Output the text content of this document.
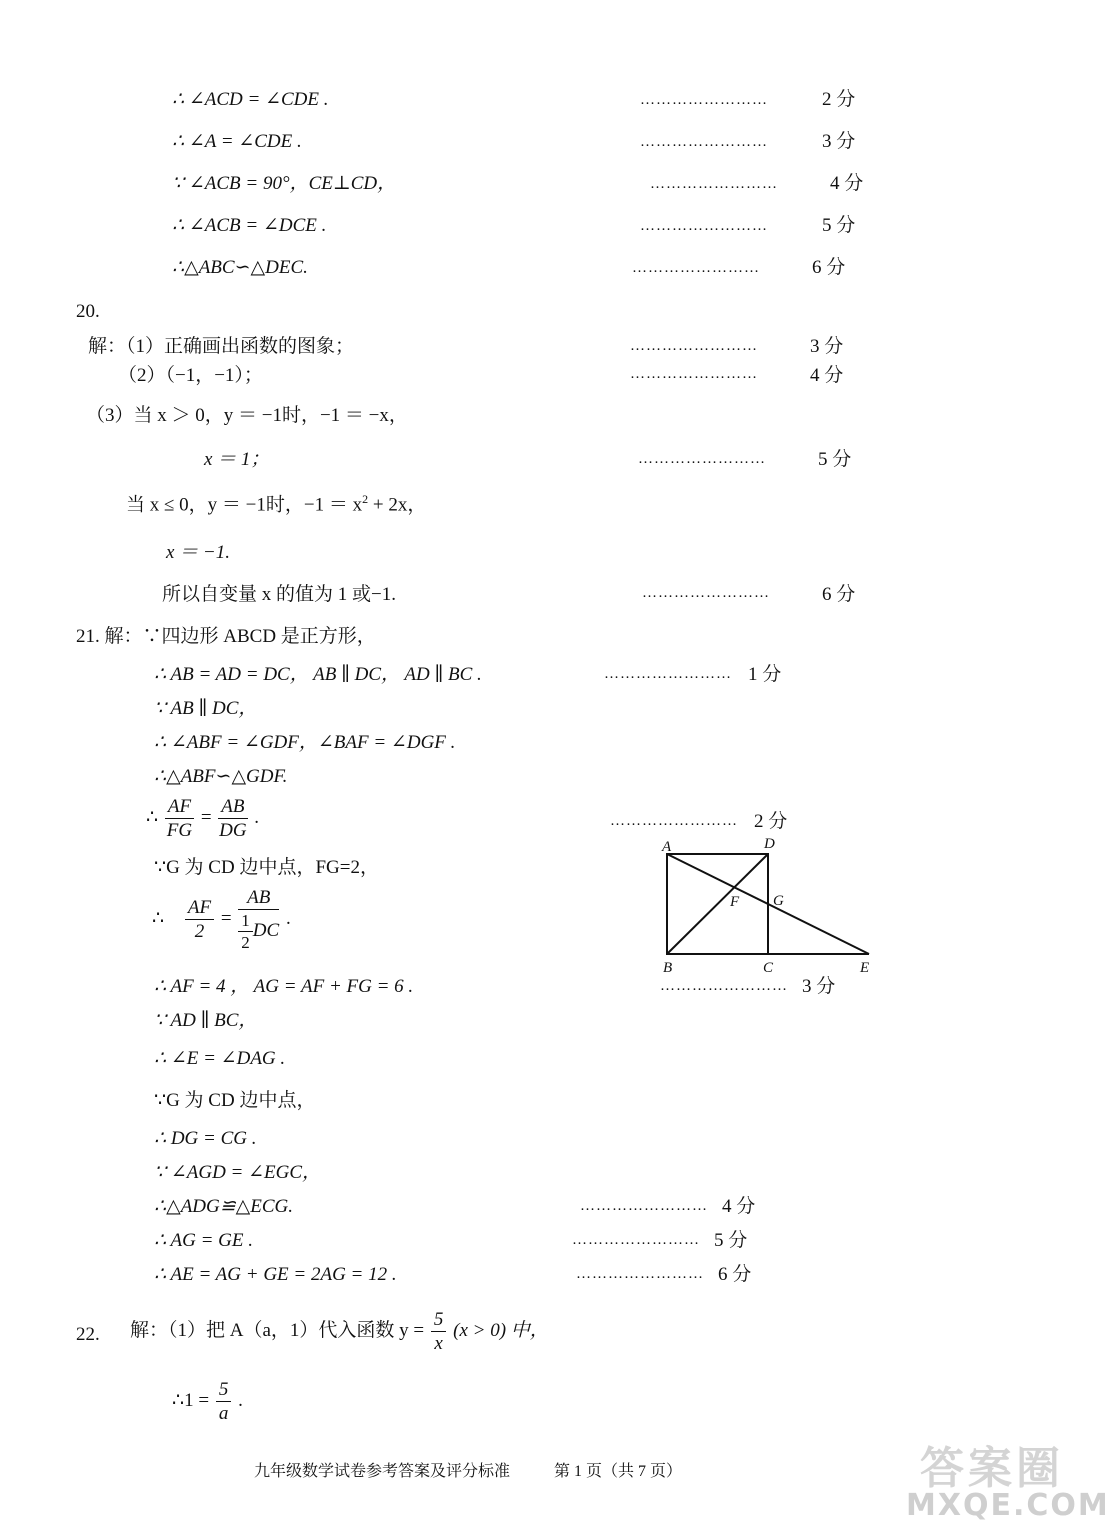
∴ ∠ACD = ∠CDE .	……………………	2 分
∴ ∠A = ∠CDE .	……………………	3 分
∵ ∠ACB = 90°，CE⊥CD，	……………………	4 分
∴ ∠ACB = ∠DCE .	……………………	5 分
∴△ABC∽△DEC.	……………………	6 分
20.
解：（1）正确画出函数的图象；	……………………	3 分
（2）（−1，−1）；	……………………	4 分
（3）当 x ＞ 0，y ＝ −1时，−1 ＝ −x，
x ＝ 1；	……………………	5 分
当 x ≤ 0，y ＝ −1时，$-1 = x^2 + 2x$，
x ＝ −1.
所以自变量 x 的值为 1 或−1.	……………………	6 分
21. 解：∵四边形 ABCD 是正方形，
∴ AB = AD = DC， AB ∥ DC， AD ∥ BC .	…………………… 1 分
∵ AB ∥ DC，
∴ ∠ABF = ∠GDF，∠BAF = ∠DGF .
∴△ABF∽△GDF.
∴ $\frac{AF}{FG} = \frac{AB}{DG}$ .	…………………… 2 分
∵G 为 CD 边中点，FG=2，
∴ $\frac{AF}{2} = \frac{AB}{\frac{1}{2} DC}$ .
A	D
B	C	E
F G
∴ AF = 4 ， AG = AF + FG = 6 .	…………………… 3 分
∵ AD ∥ BC，
∴ ∠E = ∠DAG .
∵G 为 CD 边中点，
∴ DG = CG .
∵ ∠AGD = ∠EGC，
∴△ADG≌△ECG.	…………………… 4 分
∴ AG = GE .	…………………… 5 分
∴ AE = AG + GE = 2AG = 12 .	…………………… 6 分
22. 解：（1）把 A（a，1）代入函数 $y = \frac{5}{x} (x > 0)$ 中，
∴1 = $\frac{5}{a}$ .
九年级数学试卷参考答案及评分标准	第 1 页（共 7 页）	答案圈
MXQE.COM
